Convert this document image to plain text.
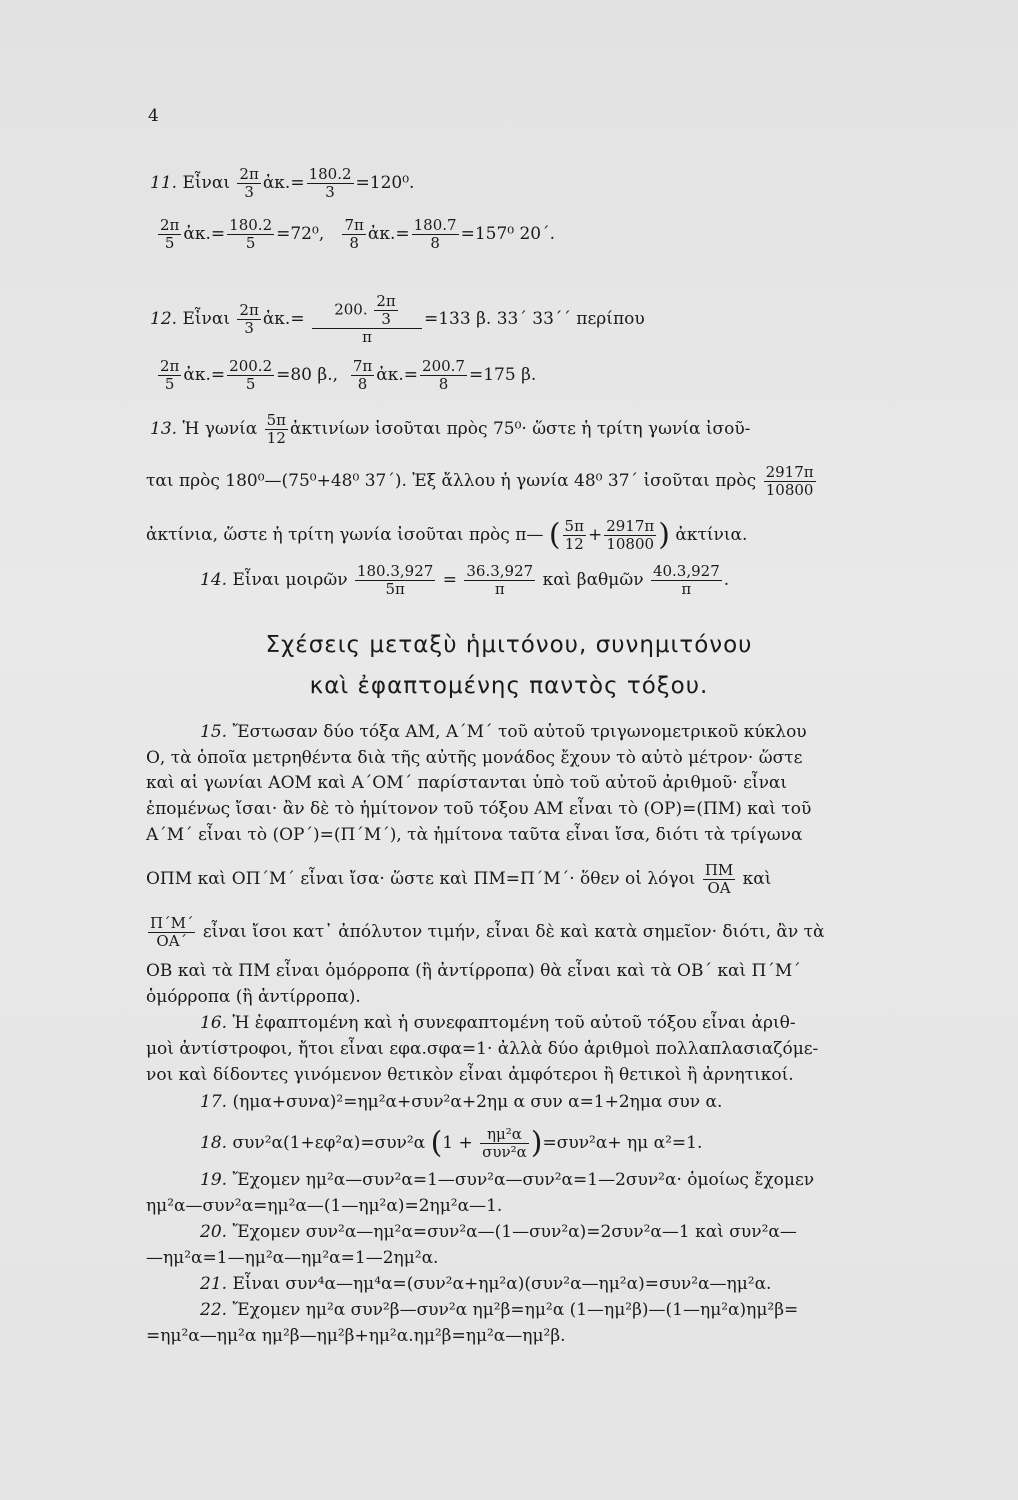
4
11. Εἶναι $\frac{2\pi}{3}$ ἀκ.= $\frac{180.2}{3} =120^0$.
$\frac{2\pi}{5}$ ἀκ.= $\frac{180.2}{5} =72^0$, $\frac{7\pi}{8}$ ἀκ.= $\frac{180.7}{8} =157^0$ 20΄.
12. Εἶναι $\frac{2\pi}{3}$ ἀκ.= $\frac{200. \frac{2\pi}{3}}{\pi} =133$ β. 33΄ 33΄΄ περίπου
$\frac{2\pi}{5}$ ἀκ.= $\frac{200.2}{5} =80$ β., $\frac{7\pi}{8}$ ἀκ.= $\frac{200.7}{8} =175$ β.
13. Ἡ γωνία $\frac{5\pi}{12}$ ἀκτινίων ἰσοῦται πρὸς 75⁰· ὥστε ἡ τρίτη γωνία ἰσοῦ-
ται πρὸς 180⁰—(75⁰+48⁰ 37΄). Ἐξ ἄλλου ἡ γωνία 48⁰ 37΄ ἰσοῦται πρὸς $\frac{2917\pi}{10800}$
ἀκτίνια, ὥστε ἡ τρίτη γωνία ἰσοῦται πρὸς π— ( $\frac{5\pi}{12} + \frac{2917\pi}{10800}$ ) ἀκτίνια.
14. Εἶναι μοιρῶν $\frac{180.3,927}{5\pi} = \frac{36.3,927}{\pi}$ καὶ βαθμῶν $\frac{40.3,927}{\pi}$ .
Σχέσεις μεταξὺ ἡμιτόνου, συνημιτόνου
καὶ ἐφαπτομένης παντὸς τόξου.
15. Ἔστωσαν δύο τόξα ΑΜ, Α΄Μ΄ τοῦ αὐτοῦ τριγωνομετρικοῦ κύκλου
Ο, τὰ ὁποῖα μετρηθέντα διὰ τῆς αὐτῆς μονάδος ἔχουν τὸ αὐτὸ μέτρον· ὥστε
καὶ αἱ γωνίαι ΑΟΜ καὶ Α΄ΟΜ΄ παρίστανται ὑπὸ τοῦ αὐτοῦ ἀριθμοῦ· εἶναι
ἑπομένως ἴσαι· ἂν δὲ τὸ ἡμίτονον τοῦ τόξου ΑΜ εἶναι τὸ (ΟΡ)=(ΠΜ) καὶ τοῦ
Α΄Μ΄ εἶναι τὸ (ΟΡ΄)=(Π΄Μ΄), τὰ ἡμίτονα ταῦτα εἶναι ἴσα, διότι τὰ τρίγωνα
ΟΠΜ καὶ ΟΠ΄Μ΄ εἶναι ἴσα· ὥστε καὶ ΠΜ=Π΄Μ΄· ὅθεν οἱ λόγοι $\frac{\Pi M}{OA}$ καὶ
$\frac{\Pi΄M΄}{OA΄}$ εἶναι ἴσοι κατ᾽ ἀπόλυτον τιμήν, εἶναι δὲ καὶ κατὰ σημεῖον· διότι, ἂν τὰ
ΟΒ καὶ τὰ ΠΜ εἶναι ὁμόρροπα (ἢ ἀντίρροπα) θὰ εἶναι καὶ τὰ ΟΒ΄ καὶ Π΄Μ΄
ὁμόρροπα (ἢ ἀντίρροπα).
16. Ἡ ἐφαπτομένη καὶ ἡ συνεφαπτομένη τοῦ αὐτοῦ τόξου εἶναι ἀριθ-
μοὶ ἀντίστροφοι, ἤτοι εἶναι εφα.σφα=1· ἀλλὰ δύο ἀριθμοὶ πολλαπλασιαζόμε-
νοι καὶ δίδοντες γινόμενον θετικὸν εἶναι ἀμφότεροι ἢ θετικοὶ ἢ ἀρνητικοί.
17. (ημα+συνα)²=ημ²α+συν²α+2ημ α συν α=1+2ημα συν α.
18. συν²α(1+εφ²α)=συν²α $(1 + \frac{\text{ημ²α}}{\text{συν²α}} )=\sigma\upsilon\nu^2\alpha+ \eta\mu$ α²=1.
19. Ἔχομεν ημ²α—συν²α=1—συν²α—συν²α=1—2συν²α· ὁμοίως ἔχομεν
ημ²α—συν²α=ημ²α—(1—ημ²α)=2ημ²α—1.
20. Ἔχομεν συν²α—ημ²α=συν²α—(1—συν²α)=2συν²α—1 καὶ συν²α—
—ημ²α=1—ημ²α—ημ²α=1—2ημ²α.
21. Εἶναι συν⁴α—ημ⁴α=(συν²α+ημ²α)(συν²α—ημ²α)=συν²α—ημ²α.
22. Ἔχομεν ημ²α συν²β—συν²α ημ²β=ημ²α (1—ημ²β)—(1—ημ²α)ημ²β=
=ημ²α—ημ²α ημ²β—ημ²β+ημ²α.ημ²β=ημ²α—ημ²β.
